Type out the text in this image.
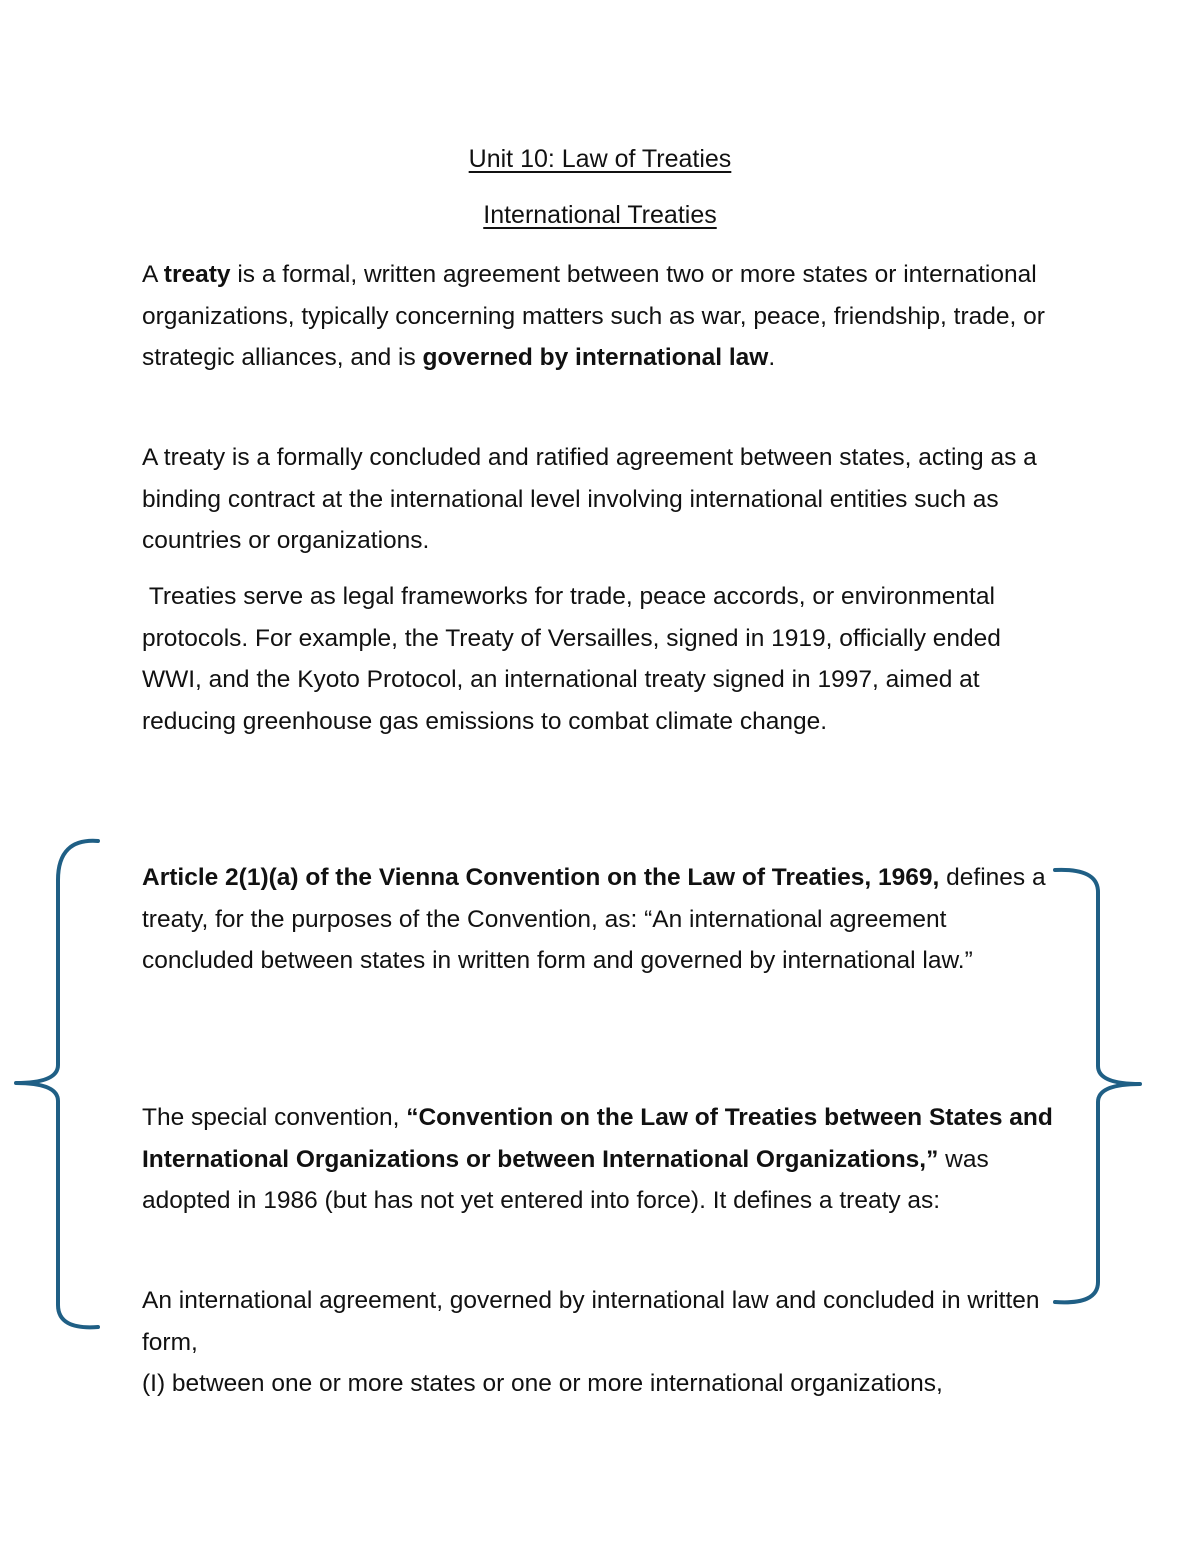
Unit 10: Law of Treaties
International Treaties

A treaty is a formal, written agreement between two or more states or international organizations, typically concerning matters such as war, peace, friendship, trade, or strategic alliances, and is governed by international law.

A treaty is a formally concluded and ratified agreement between states, acting as a binding contract at the international level involving international entities such as countries or organizations.

Treaties serve as legal frameworks for trade, peace accords, or environmental protocols. For example, the Treaty of Versailles, signed in 1919, officially ended WWI, and the Kyoto Protocol, an international treaty signed in 1997, aimed at reducing greenhouse gas emissions to combat climate change.

Article 2(1)(a) of the Vienna Convention on the Law of Treaties, 1969, defines a treaty, for the purposes of the Convention, as: “An international agreement concluded between states in written form and governed by international law.”

The special convention, “Convention on the Law of Treaties between States and International Organizations or between International Organizations,” was adopted in 1986 (but has not yet entered into force). It defines a treaty as:

An international agreement, governed by international law and concluded in written form,

(I) between one or more states or one or more international organizations,
